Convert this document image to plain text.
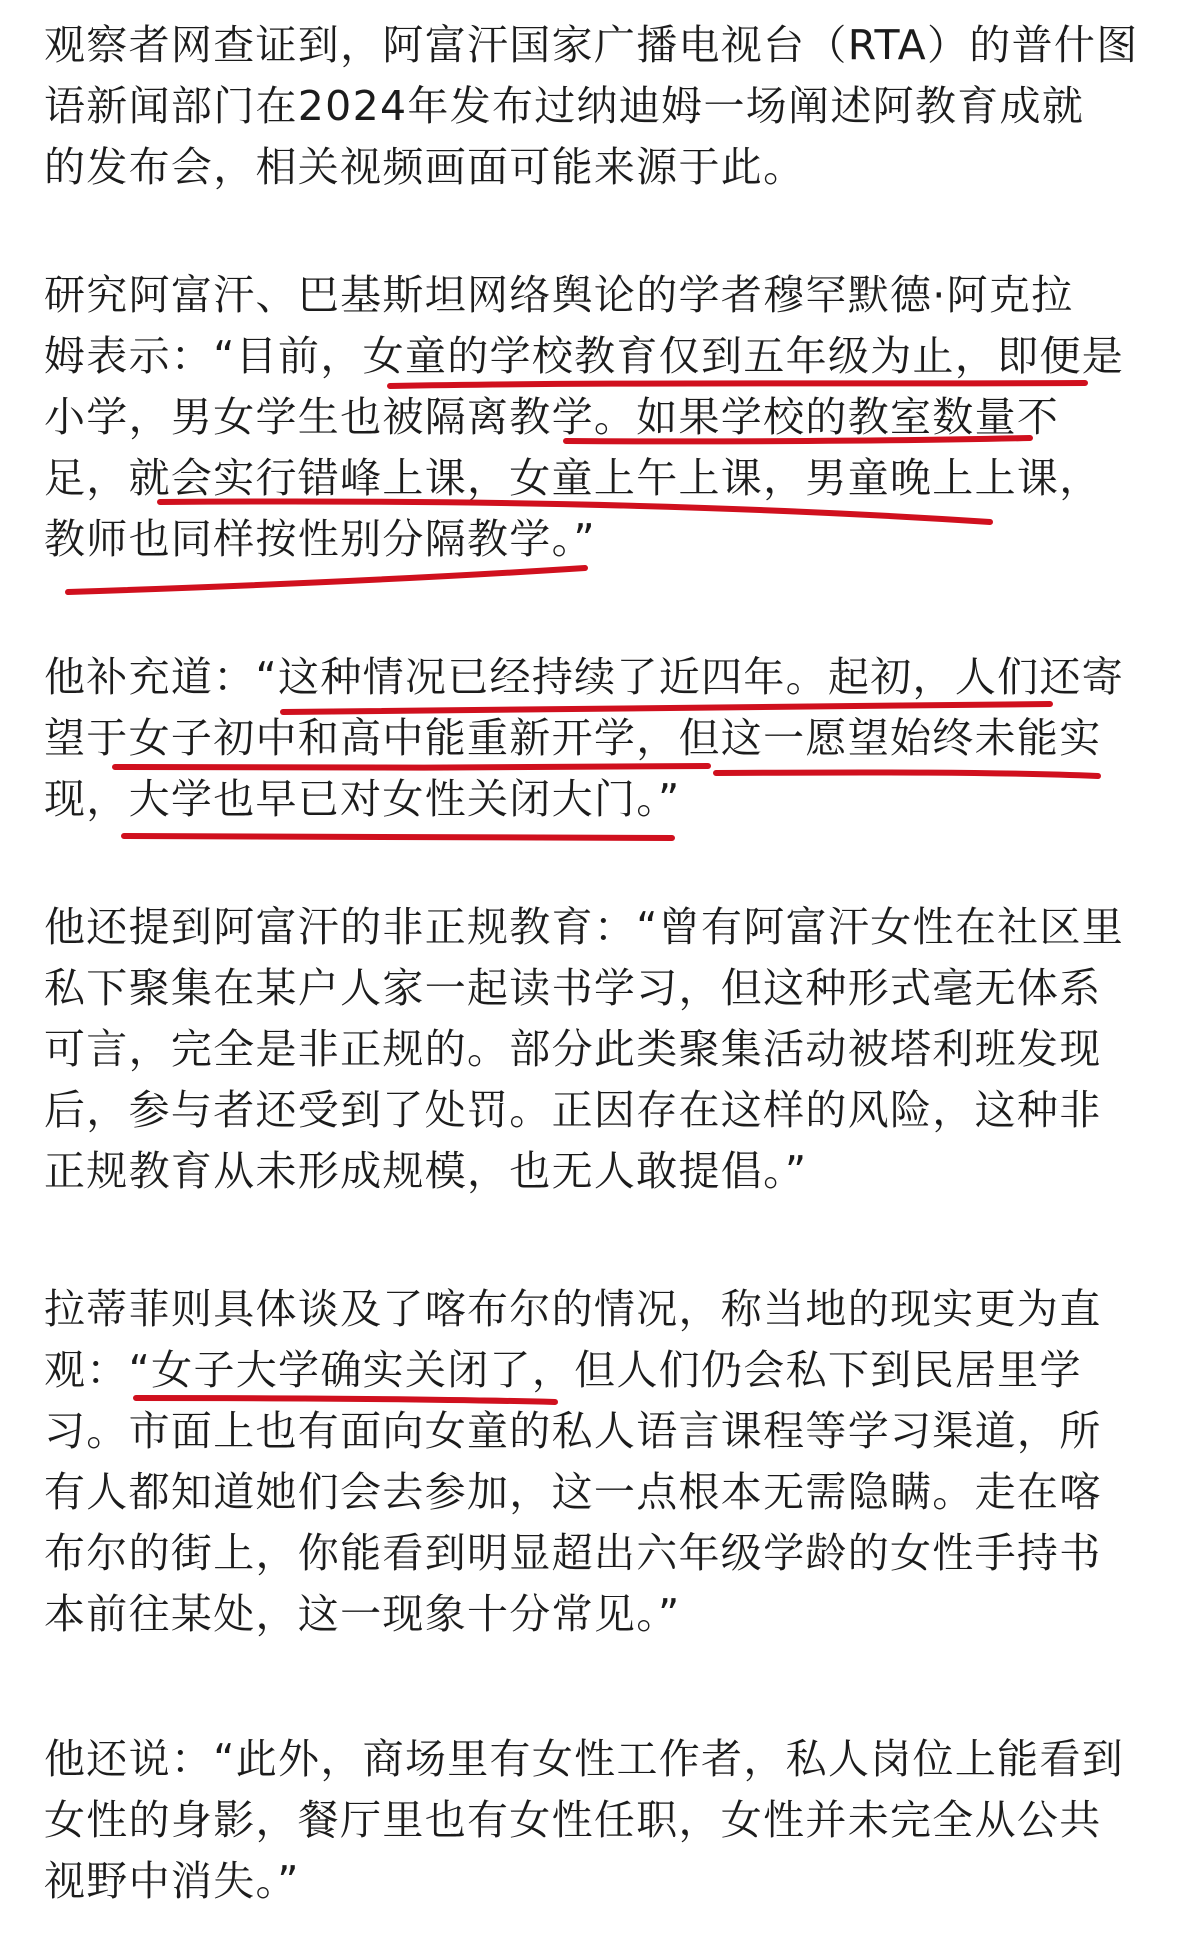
观察者网查证到，阿富汗国家广播电视台（RTA）的普什图
语新闻部门在2024年发布过纳迪姆一场阐述阿教育成就
的发布会，相关视频画面可能来源于此。
研究阿富汗、巴基斯坦网络舆论的学者穆罕默德·阿克拉
姆表示：“目前，女童的学校教育仅到五年级为止，即便是
小学，男女学生也被隔离教学。如果学校的教室数量不
足，就会实行错峰上课，女童上午上课，男童晚上上课，
教师也同样按性别分隔教学。”
他补充道：“这种情况已经持续了近四年。起初，人们还寄
望于女子初中和高中能重新开学，但这一愿望始终未能实
现，大学也早已对女性关闭大门。”
他还提到阿富汗的非正规教育：“曾有阿富汗女性在社区里
私下聚集在某户人家一起读书学习，但这种形式毫无体系
可言，完全是非正规的。部分此类聚集活动被塔利班发现
后，参与者还受到了处罚。正因存在这样的风险，这种非
正规教育从未形成规模，也无人敢提倡。”
拉蒂菲则具体谈及了喀布尔的情况，称当地的现实更为直
观：“女子大学确实关闭了，但人们仍会私下到民居里学
习。市面上也有面向女童的私人语言课程等学习渠道，所
有人都知道她们会去参加，这一点根本无需隐瞒。走在喀
布尔的街上，你能看到明显超出六年级学龄的女性手持书
本前往某处，这一现象十分常见。”
他还说：“此外，商场里有女性工作者，私人岗位上能看到
女性的身影，餐厅里也有女性任职，女性并未完全从公共
视野中消失。”
